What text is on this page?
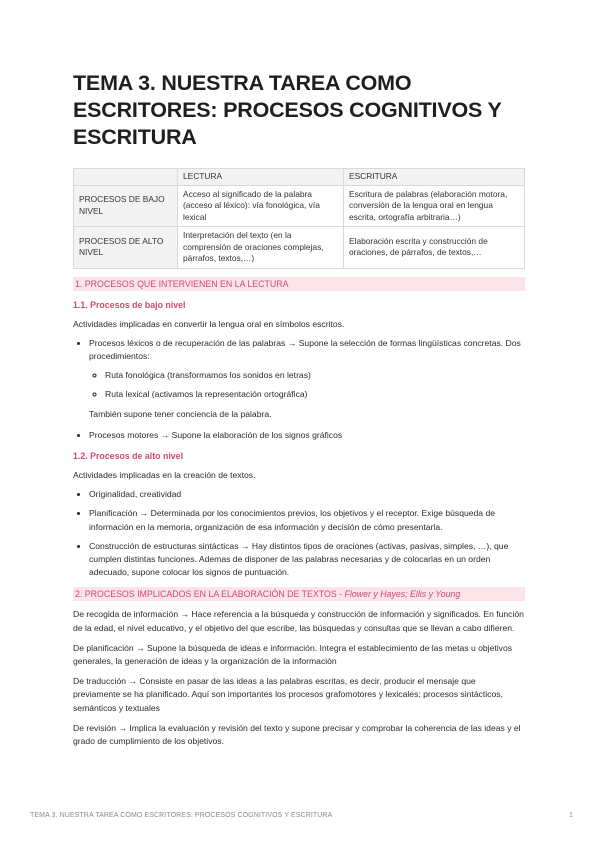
TEMA 3. NUESTRA TAREA COMO ESCRITORES: PROCESOS COGNITIVOS Y ESCRITURA
	LECTURA	ESCRITURA
PROCESOS DE BAJO NIVEL	Acceso al significado de la palabra (acceso al léxico): vía fonológica, vía lexical	Escritura de palabras (elaboración motora, conversión de la lengua oral en lengua escrita, ortografía arbitraria…)
PROCESOS DE ALTO NIVEL	Interpretación del texto (en la comprensión de oraciones complejas, párrafos, textos,…)	Elaboración escrita y construcción de oraciones, de párrafos, de textos,…
1. PROCESOS QUE INTERVIENEN EN LA LECTURA
1.1. Procesos de bajo nivel

Actividades implicadas en convertir la lengua oral en símbolos escritos.

• Procesos léxicos o de recuperación de las palabras → Supone la selección de formas lingüísticas concretas. Dos procedimientos:
◦ Ruta fonológica (transformamos los sonidos en letras)
◦ Ruta lexical (activamos la representación ortográfica)
También supone tener conciencia de la palabra.
• Procesos motores → Supone la elaboración de los signos gráficos
1.2. Procesos de alto nivel

Actividades implicadas en la creación de textos.

• Originalidad, creatividad
• Planificación → Determinada por los conocimientos previos, los objetivos y el receptor. Exige búsqueda de información en la memoria, organización de esa información y decisión de cómo presentarla.
• Construcción de estructuras sintácticas → Hay distintos tipos de oraciones (activas, pasivas, simples, …), que cumplen distintas funciones. Ademas de disponer de las palabras necesarias y de colocarlas en un orden adecuado, supone colocar los signos de puntuación.
2. PROCESOS IMPLICADOS EN LA ELABORACIÓN DE TEXTOS - Flower y Hayes; Ellis y Young

De recogida de información → Hace referencia a la búsqueda y construcción de información y significados. En función de la edad, el nivel educativo, y el objetivo del que escribe, las búsquedas y consultas que se llevan a cabo difieren.

De planificación → Supone la búsqueda de ideas e información. Integra el establecimiento de las metas u objetivos generales, la generación de ideas y la organización de la información

De traducción → Consiste en pasar de las ideas a las palabras escritas, es decir, producir el mensaje que previamente se ha planificado. Aquí son importantes los procesos grafomotores y lexicales; procesos sintácticos, semánticos y textuales

De revisión → Implica la evaluación y revisión del texto y supone precisar y comprobar la coherencia de las ideas y el grado de cumplimiento de los objetivos.

TEMA 3. NUESTRA TAREA COMO ESCRITORES: PROCESOS COGNITIVOS Y ESCRITURA	1
